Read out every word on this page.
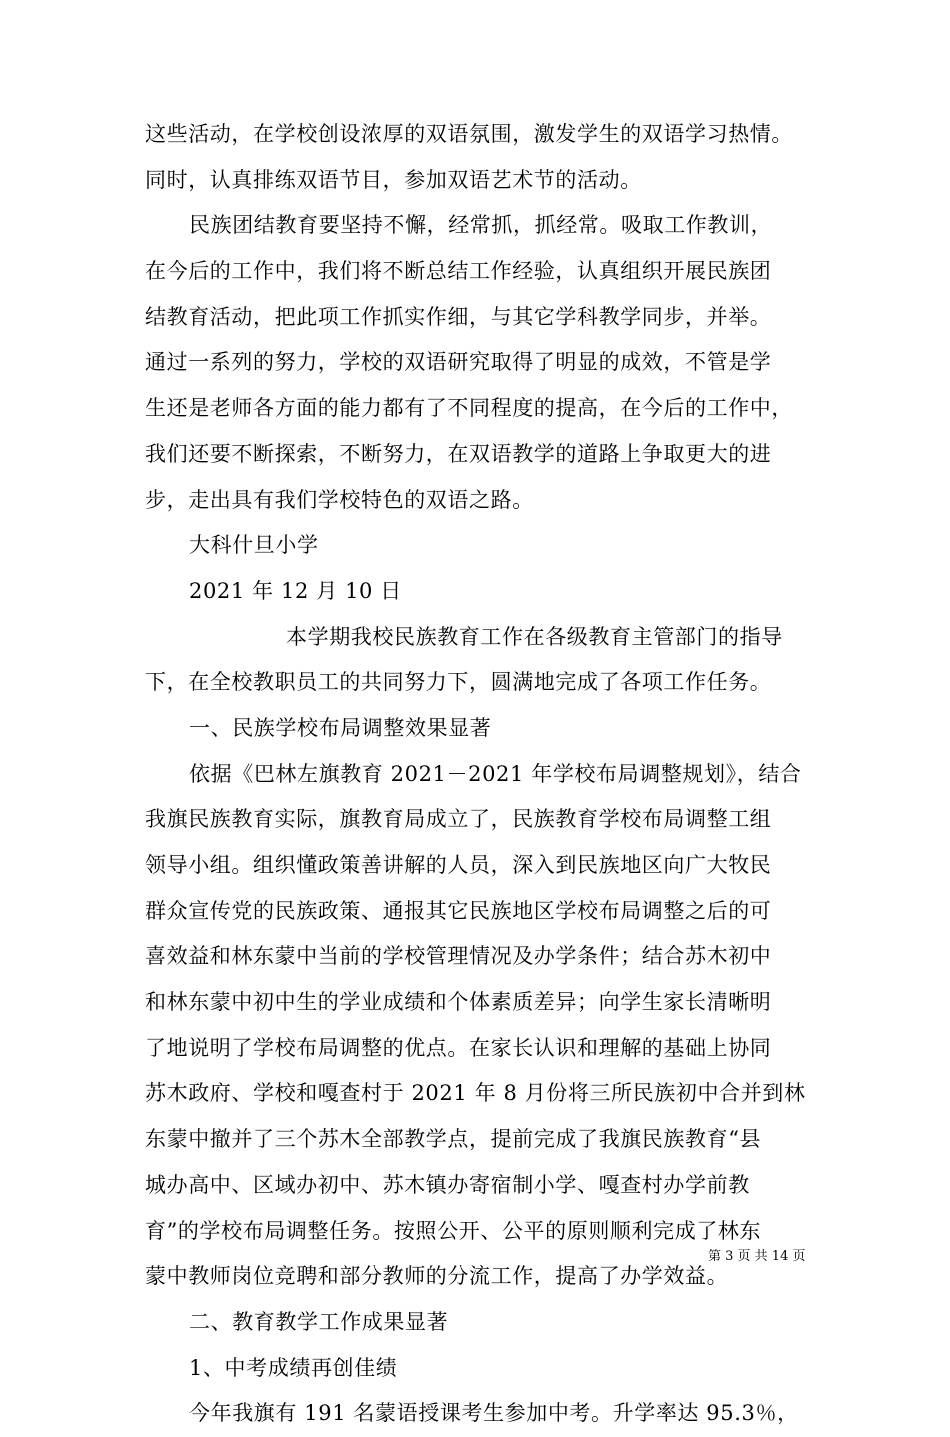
这些活动，在学校创设浓厚的双语氛围，激发学生的双语学习热情。
同时，认真排练双语节目，参加双语艺术节的活动。
民族团结教育要坚持不懈，经常抓，抓经常。吸取工作教训，
在今后的工作中，我们将不断总结工作经验，认真组织开展民族团
结教育活动，把此项工作抓实作细，与其它学科教学同步，并举。
通过一系列的努力，学校的双语研究取得了明显的成效，不管是学
生还是老师各方面的能力都有了不同程度的提高，在今后的工作中，
我们还要不断探索，不断努力，在双语教学的道路上争取更大的进
步，走出具有我们学校特色的双语之路。
大科什旦小学
2021 年 12 月 10 日
本学期我校民族教育工作在各级教育主管部门的指导
下，在全校教职员工的共同努力下，圆满地完成了各项工作任务。
一、民族学校布局调整效果显著
依据《巴林左旗教育 2021－2021 年学校布局调整规划》，结合
我旗民族教育实际，旗教育局成立了，民族教育学校布局调整工组
领导小组。组织懂政策善讲解的人员，深入到民族地区向广大牧民
群众宣传党的民族政策、通报其它民族地区学校布局调整之后的可
喜效益和林东蒙中当前的学校管理情况及办学条件；结合苏木初中
和林东蒙中初中生的学业成绩和个体素质差异；向学生家长清晰明
了地说明了学校布局调整的优点。在家长认识和理解的基础上协同
苏木政府、学校和嘎查村于 2021 年 8 月份将三所民族初中合并到林
东蒙中撤并了三个苏木全部教学点，提前完成了我旗民族教育“县
城办高中、区域办初中、苏木镇办寄宿制小学、嘎查村办学前教
育”的学校布局调整任务。按照公开、公平的原则顺利完成了林东
蒙中教师岗位竞聘和部分教师的分流工作，提高了办学效益。
二、教育教学工作成果显著
1、中考成绩再创佳绩
今年我旗有 191 名蒙语授课考生参加中考。升学率达 95.3％，
第 3 页 共 14 页
